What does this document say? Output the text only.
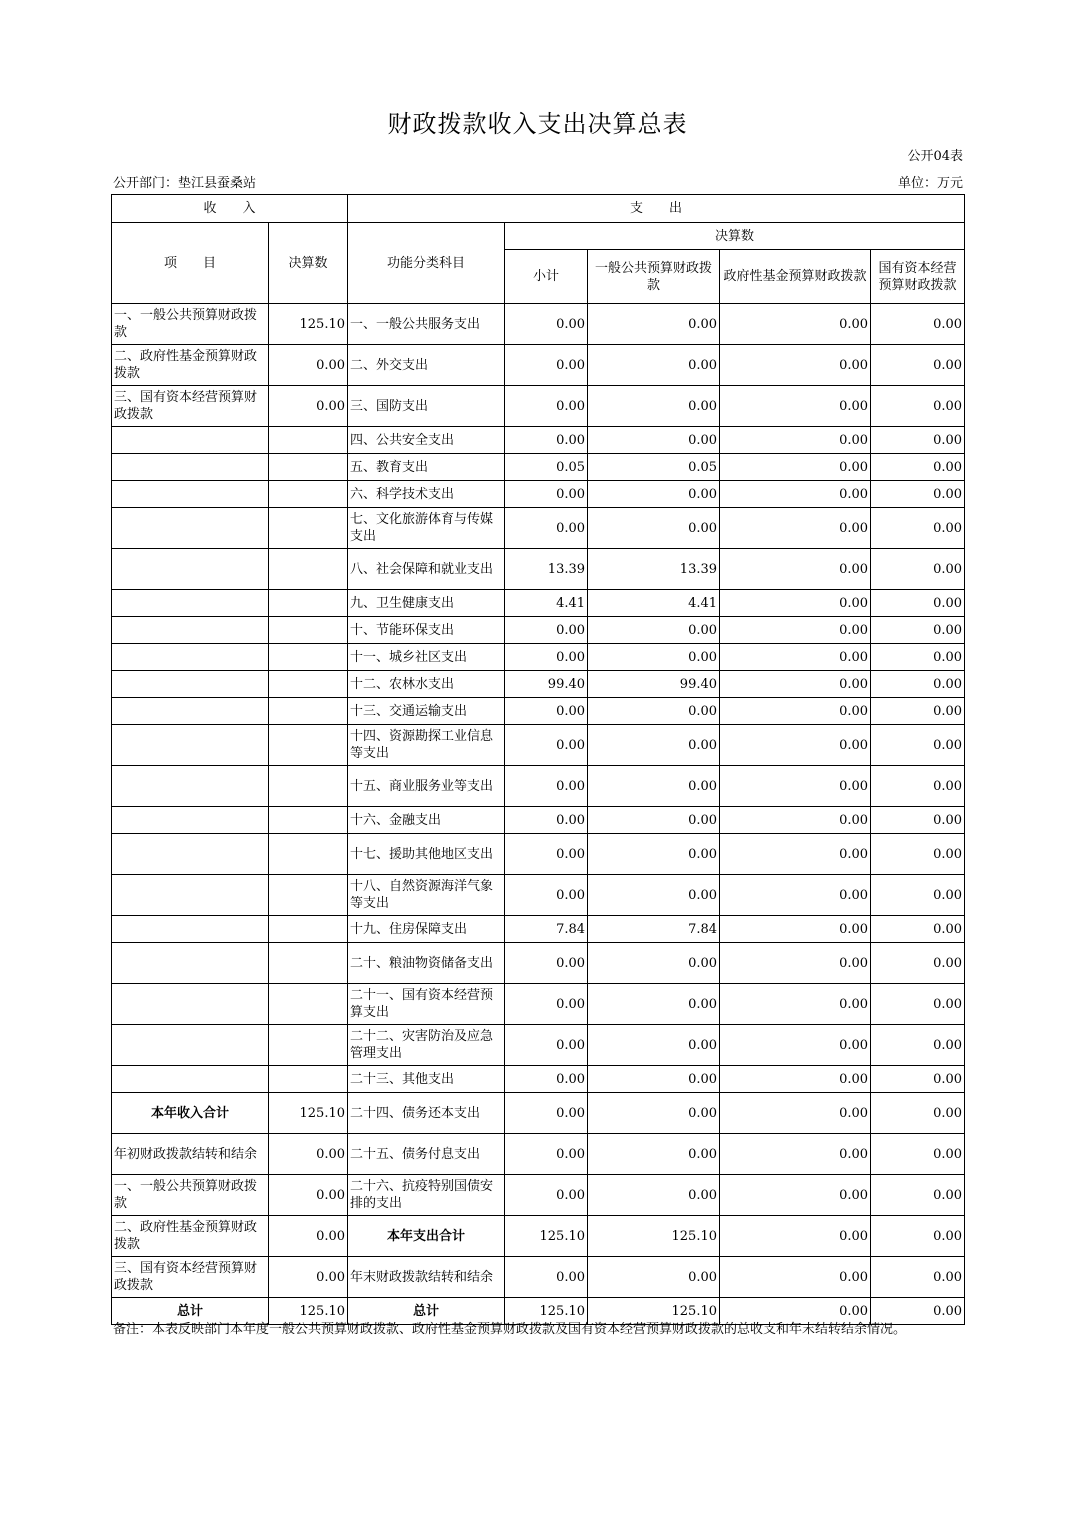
财政拨款收入支出决算总表
公开04表
公开部门：垫江县蚕桑站	单位：万元
收　　入		支　　出				
项　　目	决算数	功能分类科目	决算数			
			小计	一般公共预算财政拨款	政府性基金预算财政拨款	国有资本经营预算财政拨款
一、一般公共预算财政拨款	125.10	一、一般公共服务支出	0.00	0.00	0.00	0.00
二、政府性基金预算财政拨款	0.00	二、外交支出	0.00	0.00	0.00	0.00
三、国有资本经营预算财政拨款	0.00	三、国防支出	0.00	0.00	0.00	0.00
		四、公共安全支出	0.00	0.00	0.00	0.00
		五、教育支出	0.05	0.05	0.00	0.00
		六、科学技术支出	0.00	0.00	0.00	0.00
		七、文化旅游体育与传媒支出	0.00	0.00	0.00	0.00
		八、社会保障和就业支出	13.39	13.39	0.00	0.00
		九、卫生健康支出	4.41	4.41	0.00	0.00
		十、节能环保支出	0.00	0.00	0.00	0.00
		十一、城乡社区支出	0.00	0.00	0.00	0.00
		十二、农林水支出	99.40	99.40	0.00	0.00
		十三、交通运输支出	0.00	0.00	0.00	0.00
		十四、资源勘探工业信息等支出	0.00	0.00	0.00	0.00
		十五、商业服务业等支出	0.00	0.00	0.00	0.00
		十六、金融支出	0.00	0.00	0.00	0.00
		十七、援助其他地区支出	0.00	0.00	0.00	0.00
		十八、自然资源海洋气象等支出	0.00	0.00	0.00	0.00
		十九、住房保障支出	7.84	7.84	0.00	0.00
		二十、粮油物资储备支出	0.00	0.00	0.00	0.00
		二十一、国有资本经营预算支出	0.00	0.00	0.00	0.00
		二十二、灾害防治及应急管理支出	0.00	0.00	0.00	0.00
		二十三、其他支出	0.00	0.00	0.00	0.00
本年收入合计	125.10	二十四、债务还本支出	0.00	0.00	0.00	0.00
年初财政拨款结转和结余	0.00	二十五、债务付息支出	0.00	0.00	0.00	0.00
一、一般公共预算财政拨款	0.00	二十六、抗疫特别国债安排的支出	0.00	0.00	0.00	0.00
二、政府性基金预算财政拨款	0.00	本年支出合计	125.10	125.10	0.00	0.00
三、国有资本经营预算财政拨款	0.00	年末财政拨款结转和结余	0.00	0.00	0.00	0.00
总计	125.10	总计	125.10	125.10	0.00	0.00
备注：本表反映部门本年度一般公共预算财政拨款、政府性基金预算财政拨款及国有资本经营预算财政拨款的总收支和年末结转结余情况。
